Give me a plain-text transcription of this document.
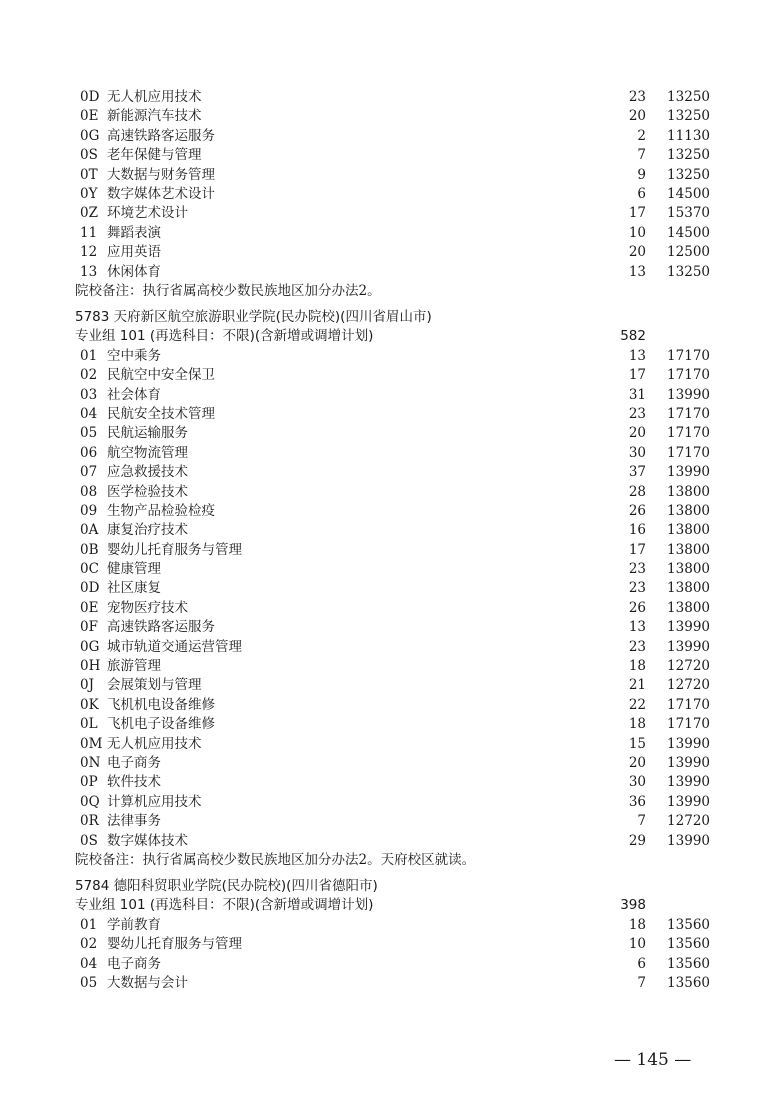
0D 无人机应用技术	23	13250
0E 新能源汽车技术	20	13250
0G 高速铁路客运服务	2	11130
0S 老年保健与管理	7	13250
0T 大数据与财务管理	9	13250
0Y 数字媒体艺术设计	6	14500
0Z 环境艺术设计	17	15370
11 舞蹈表演	10	14500
12 应用英语	20	12500
13 休闲体育	13	13250
院校备注：执行省属高校少数民族地区加分办法2。
5783 天府新区航空旅游职业学院(民办院校)(四川省眉山市)
专业组 101 (再选科目：不限)(含新增或调增计划)	582
01 空中乘务	13	17170
02 民航空中安全保卫	17	17170
03 社会体育	31	13990
04 民航安全技术管理	23	17170
05 民航运输服务	20	17170
06 航空物流管理	30	17170
07 应急救援技术	37	13990
08 医学检验技术	28	13800
09 生物产品检验检疫	26	13800
0A 康复治疗技术	16	13800
0B 婴幼儿托育服务与管理	17	13800
0C 健康管理	23	13800
0D 社区康复	23	13800
0E 宠物医疗技术	26	13800
0F 高速铁路客运服务	13	13990
0G 城市轨道交通运营管理	23	13990
0H 旅游管理	18	12720
0J 会展策划与管理	21	12720
0K 飞机机电设备维修	22	17170
0L 飞机电子设备维修	18	17170
0M 无人机应用技术	15	13990
0N 电子商务	20	13990
0P 软件技术	30	13990
0Q 计算机应用技术	36	13990
0R 法律事务	7	12720
0S 数字媒体技术	29	13990
院校备注：执行省属高校少数民族地区加分办法2。天府校区就读。
5784 德阳科贸职业学院(民办院校)(四川省德阳市)
专业组 101 (再选科目：不限)(含新增或调增计划)	398
01 学前教育	18	13560
02 婴幼儿托育服务与管理	10	13560
04 电子商务	6	13560
05 大数据与会计	7	13560
— 145 —
